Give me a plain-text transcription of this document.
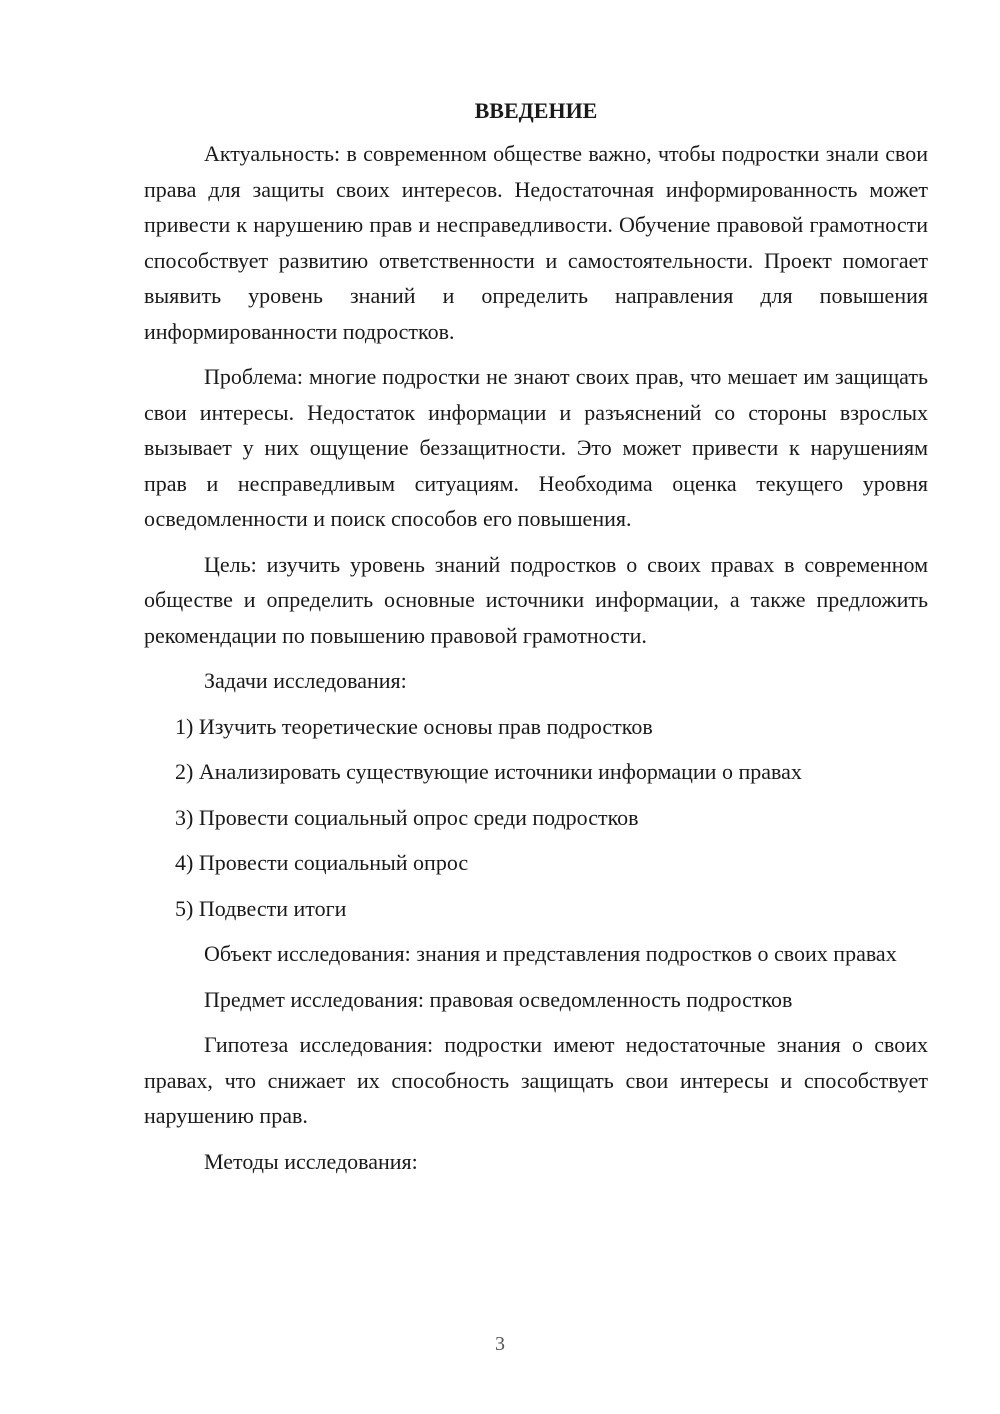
ВВЕДЕНИЕ

Актуальность: в современном обществе важно, чтобы подростки знали свои права для защиты своих интересов. Недостаточная информированность может привести к нарушению прав и несправедливости. Обучение правовой грамотности способствует развитию ответственности и самостоятельности. Проект помогает выявить уровень знаний и определить направления для повышения информированности подростков.

Проблема: многие подростки не знают своих прав, что мешает им защищать свои интересы. Недостаток информации и разъяснений со стороны взрослых вызывает у них ощущение беззащитности. Это может привести к нарушениям прав и несправедливым ситуациям. Необходима оценка текущего уровня осведомленности и поиск способов его повышения.

Цель: изучить уровень знаний подростков о своих правах в современном обществе и определить основные источники информации, а также предложить рекомендации по повышению правовой грамотности.

Задачи исследования:

1) Изучить теоретические основы прав подростков
2) Анализировать существующие источники информации о правах
3) Провести социальный опрос среди подростков
4) Провести социальный опрос
5) Подвести итоги

Объект исследования: знания и представления подростков о своих правах

Предмет исследования: правовая осведомленность подростков

Гипотеза исследования: подростки имеют недостаточные знания о своих правах, что снижает их способность защищать свои интересы и способствует нарушению прав.

Методы исследования:

3
